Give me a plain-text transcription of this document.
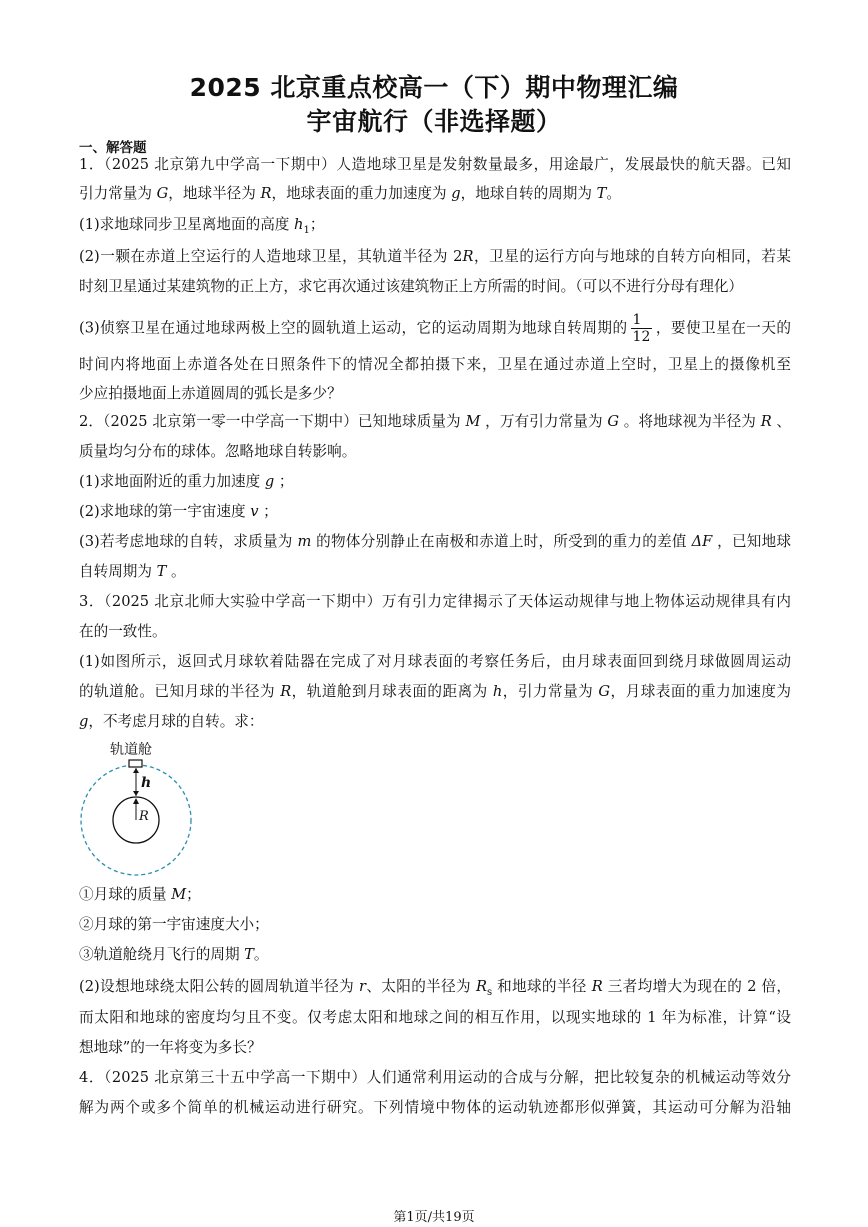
2025 北京重点校高一（下）期中物理汇编
宇宙航行（非选择题）
一、解答题
1．（2025 北京第九中学高一下期中）人造地球卫星是发射数量最多，用途最广，发展最快的航天器。已知
引力常量为 G，地球半径为 R，地球表面的重力加速度为 g，地球自转的周期为 T。
(1)求地球同步卫星离地面的高度 $h_1$；
(2)一颗在赤道上空运行的人造地球卫星，其轨道半径为 2R，卫星的运行方向与地球的自转方向相同，若某
时刻卫星通过某建筑物的正上方，求它再次通过该建筑物正上方所需的时间。（可以不进行分母有理化）
(3)侦察卫星在通过地球两极上空的圆轨道上运动，它的运动周期为地球自转周期的 $\frac{1}{12}$ ，要使卫星在一天的
时间内将地面上赤道各处在日照条件下的情况全都拍摄下来，卫星在通过赤道上空时，卫星上的摄像机至
少应拍摄地面上赤道圆周的弧长是多少？
2．（2025 北京第一零一中学高一下期中）已知地球质量为 M ，万有引力常量为 G 。将地球视为半径为 R 、
质量均匀分布的球体。忽略地球自转影响。
(1)求地面附近的重力加速度 g ；
(2)求地球的第一宇宙速度 v ；
(3)若考虑地球的自转，求质量为 m 的物体分别静止在南极和赤道上时，所受到的重力的差值 ΔF ，已知地球
自转周期为 T 。
3．（2025 北京北师大实验中学高一下期中）万有引力定律揭示了天体运动规律与地上物体运动规律具有内
在的一致性。
(1)如图所示，返回式月球软着陆器在完成了对月球表面的考察任务后，由月球表面回到绕月球做圆周运动
的轨道舱。已知月球的半径为 R，轨道舱到月球表面的距离为 h，引力常量为 G，月球表面的重力加速度为
g，不考虑月球的自转。求：
轨道舱
h
R
①月球的质量 M；
②月球的第一宇宙速度大小；
③轨道舱绕月飞行的周期 T。
(2)设想地球绕太阳公转的圆周轨道半径为 r、太阳的半径为 $R_s$ 和地球的半径 R 三者均增大为现在的 2 倍，
而太阳和地球的密度均匀且不变。仅考虑太阳和地球之间的相互作用，以现实地球的 1 年为标准，计算“设
想地球”的一年将变为多长？
4．（2025 北京第三十五中学高一下期中）人们通常利用运动的合成与分解，把比较复杂的机械运动等效分
解为两个或多个简单的机械运动进行研究。下列情境中物体的运动轨迹都形似弹簧，其运动可分解为沿轴
第1页/共19页
